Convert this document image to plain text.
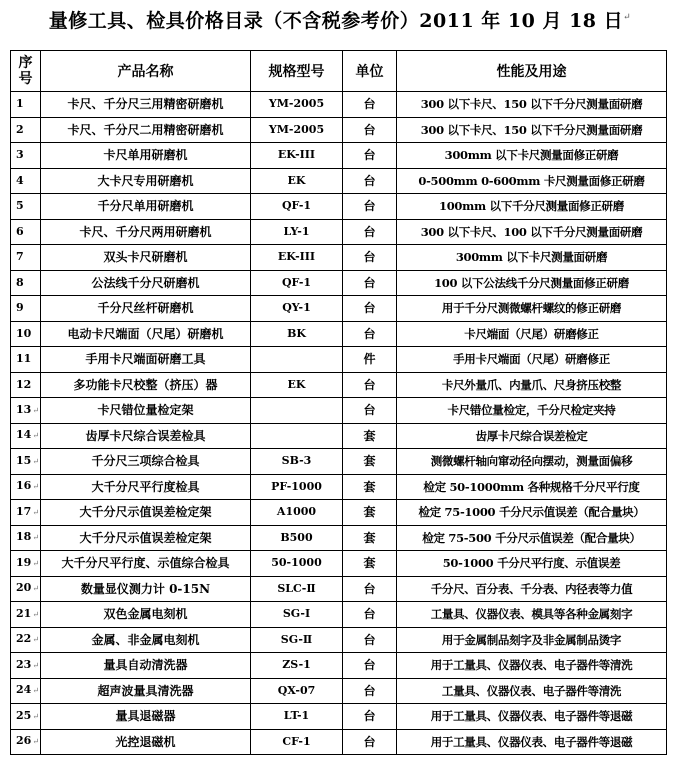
量修工具、检具价格目录（不含税参考价）2011 年 10 月 18 日↵
序号	产品名称	规格型号	单位	性能及用途
1	卡尺、千分尺三用精密研磨机	YM-2005	台	300 以下卡尺、150 以下千分尺测量面研磨
2	卡尺、千分尺二用精密研磨机	YM-2005	台	300 以下卡尺、150 以下千分尺测量面研磨
3	卡尺单用研磨机	EK-III	台	300mm 以下卡尺测量面修正研磨
4	大卡尺专用研磨机	EK	台	0-500mm 0-600mm 卡尺测量面修正研磨
5	千分尺单用研磨机	QF-1	台	100mm 以下千分尺测量面修正研磨
6	卡尺、千分尺两用研磨机	LY-1	台	300 以下卡尺、100 以下千分尺测量面研磨
7	双头卡尺研磨机	EK-III	台	300mm 以下卡尺测量面研磨
8	公法线千分尺研磨机	QF-1	台	100 以下公法线千分尺测量面修正研磨
9	千分尺丝杆研磨机	QY-1	台	用于千分尺测微螺杆螺纹的修正研磨
10	电动卡尺端面（尺尾）研磨机	BK	台	卡尺端面（尺尾）研磨修正
11	手用卡尺端面研磨工具		件	手用卡尺端面（尺尾）研磨修正
12	多功能卡尺校整（挤压）器	EK	台	卡尺外量爪、内量爪、尺身挤压校整
13↵	卡尺错位量检定架		台	卡尺错位量检定，千分尺检定夹持
14↵	齿厚卡尺综合误差检具		套	齿厚卡尺综合误差检定
15↵	千分尺三项综合检具	SB-3	套	测微螺杆轴向窜动径向摆动，测量面偏移
16↵	大千分尺平行度检具	PF-1000	套	检定 50-1000mm 各种规格千分尺平行度
17↵	大千分尺示值误差检定架	A1000	套	检定 75-1000 千分尺示值误差（配合量块）
18↵	大千分尺示值误差检定架	B500	套	检定 75-500 千分尺示值误差（配合量块）
19↵	大千分尺平行度、示值综合检具	50-1000	套	50-1000 千分尺平行度、示值误差
20↵	数量显仪测力计 0-15N	SLC-Ⅱ	台	千分尺、百分表、千分表、内径表等力值
21↵	双色金属电刻机	SG-Ⅰ	台	工量具、仪器仪表、模具等各种金属刻字
22↵	金属、非金属电刻机	SG-Ⅱ	台	用于金属制品刻字及非金属制品烫字
23↵	量具自动清洗器	ZS-1	台	用于工量具、仪器仪表、电子器件等清洗
24↵	超声波量具清洗器	QX-07	台	工量具、仪器仪表、电子器件等清洗
25↵	量具退磁器	LT-1	台	用于工量具、仪器仪表、电子器件等退磁
26↵	光控退磁机	CF-1	台	用于工量具、仪器仪表、电子器件等退磁
